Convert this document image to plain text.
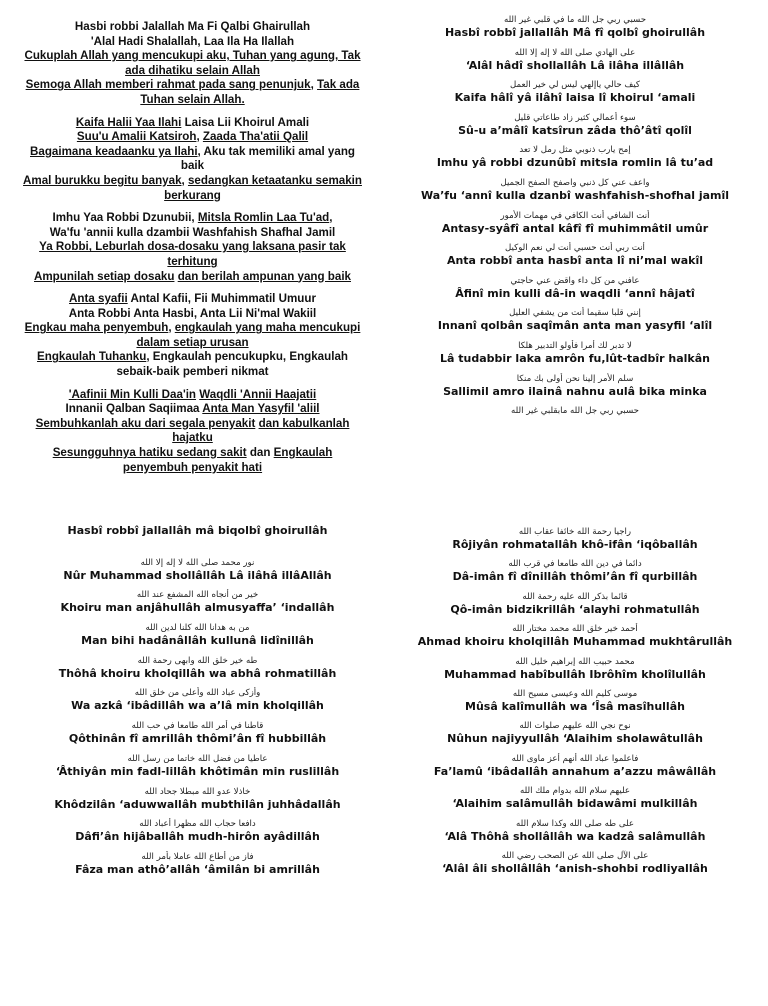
Hasbi robbi Jalallah Ma Fi Qalbi Ghairullah
'Alal Hadi Shalallah, Laa Ila Ha Ilallah
Cukuplah Allah yang mencukupi aku, Tuhan yang agung, Tak
ada dihatiku selain Allah
Semoga Allah memberi rahmat pada sang penunjuk, Tak ada
Tuhan selain Allah.
Kaifa Halii Yaa Ilahi Laisa Lii Khoirul Amali
Suu'u Amalii Katsiroh, Zaada Tha'atii Qalil
Bagaimana keadaanku ya Ilahi, Aku tak memiliki amal yang
baik
Amal burukku begitu banyak, sedangkan ketaatanku semakin
berkurang
Imhu Yaa Robbi Dzunubii, Mitsla Romlin Laa Tu'ad,
Wa'fu 'annii kulla dzambii Washfahish Shafhal Jamil
Ya Robbi, Leburlah dosa-dosaku yang laksana pasir tak
terhitung
Ampunilah setiap dosaku dan berilah ampunan yang baik
Anta syafii Antal Kafii, Fii Muhimmatil Umuur
Anta Robbi Anta Hasbi, Anta Lii Ni'mal Wakiil
Engkau maha penyembuh, engkaulah yang maha mencukupi
dalam setiap urusan
Engkaulah Tuhanku, Engkaulah pencukupku, Engkaulah
sebaik-baik pemberi nikmat
'Aafinii Min Kulli Daa'in Waqdli 'Annii Haajatii
Innanii Qalban Saqiimaa Anta Man Yasyfil 'aliil
Sembuhkanlah aku dari segala penyakit dan kabulkanlah
hajatku
Sesungguhnya hatiku sedang sakit dan Engkaulah
penyembuh penyakit hati
حسبي ربي جل الله ما في قلبي غير الله
Hasbî robbî jallallâh Mâ fî qolbî ghoirullâh
على الهادي صلى الله لا إله إلا الله
‘Alâl hâdî shollallâh Lâ ilâha illâllâh
كيف حالي ياإلهي ليس لي خير العمل
Kaifa hâlî yâ ilâhî laisa lî khoirul ‘amali
سوء أعمالي كثير زاد طاعاتي قليل
Sû-u a’mâlî katsîrun zâda thô’âtî qolîl
إمح يارب ذنوبي مثل رمل لا تعد
Imhu yâ robbi dzunûbî mitsla romlin lâ tu’ad
واعف عني كل ذنبي واصفح الصفح الجميل
Wa’fu ‘annî kulla dzanbî washfahish-shofhal jamîl
أنت الشافي أنت الكافي في مهمات الأمور
Antasy-syâfî antal kâfî fî muhimmâtil umûr
أنت ربي أنت حسبي أنت لي نعم الوكيل
Anta robbî anta hasbî anta lî ni’mal wakîl
عافني من كل داء واقض عني حاجتي
Âfinî min kulli dâ-in waqdli ‘annî hâjatî
إنني قلبا سقيما أنت من يشفي العليل
Innanî qolbân saqîmân anta man yasyfil ‘alîl
لا تدبر لك أمرا فأولو التدبير هلكا
Lâ tudabbir laka amrôn fu,lût-tadbîr halkân
سلم الأمر إلينا نحن أولى بك منكا
Sallimil amro ilainâ nahnu aulâ bika minka
حسبي ربي جل الله مابقلبي غير الله
Hasbî robbî jallallâh mâ biqolbî ghoirullâh
نور محمد صلى الله لا إله إلا الله
Nûr Muhammad shollâllâh Lâ ilâhâ illâAllâh
خير من أنجاه الله المشفع عند الله
Khoiru man anjâhullâh almusyaffa’ ‘indallâh
من به هدانا الله كلنا لدين الله
Man bihi hadânâllâh kullunâ lidînillâh
طه خير خلق الله وابهى رحمة الله
Thôhâ khoiru kholqillâh wa abhâ rohmatillâh
وأزكى عباد الله وأعلى من خلق الله
Wa azkâ ‘ibâdillâh wa a’lâ min kholqillâh
قاطنا في أمر الله طامعا في حب الله
Qôthinân fî amrillâh thômi’ân fî hubbillâh
عاطيا من فضل الله خاتما من رسل الله
‘Âthiyân min fadl-lillâh khôtimân min ruslillâh
خاذلا عدو الله مبطلا جحاد الله
Khôdzilân ‘aduwwallâh mubthilân juhhâdallâh
دافعا حجاب الله مظهرا أعباد الله
Dâfi’ân hijâballâh mudh-hirôn ayâdillâh
فاز من أطاع الله عاملا بأمر الله
Fâza man athô’allâh ‘âmilân bi amrillâh
راجيا رحمة الله خائفا عقاب الله
Rôjiyân rohmatallâh khô-ifân ‘iqôballâh
دائما في دين الله طامعا في قرب الله
Dâ-imân fî dînillâh thômi’ân fî qurbillâh
قائما بذكر الله عليه رحمة الله
Qô-imân bidzikrillâh ‘alayhi rohmatullâh
أحمد خير خلق الله محمد مختار الله
Ahmad khoiru kholqillâh Muhammad mukhtârullâh
محمد حبيب الله إبراهيم خليل الله
Muhammad habîbullâh Ibrôhîm kholîlullâh
موسى كليم الله وعيسى مسيح الله
Mûsâ kalîmullâh wa ‘Îsâ masîhullâh
نوح نجي الله عليهم صلوات الله
Nûhun najiyyullâh ‘Alaihim sholawâtullâh
فاعلموا عباد الله أنهم أعز ماوى الله
Fa’lamû ‘ibâdallâh annahum a’azzu mâwâllâh
عليهم سلام الله بدوام ملك الله
‘Alaihim salâmullâh bidawâmi mulkillâh
على طه صلى الله وكذا سلام الله
‘Alâ Thôhâ shollâllâh wa kadzâ salâmullâh
على الآل صلى الله عن الصحب رضي الله
‘Alâl âli shollâllâh ‘anish-shohbi rodliyallâh
